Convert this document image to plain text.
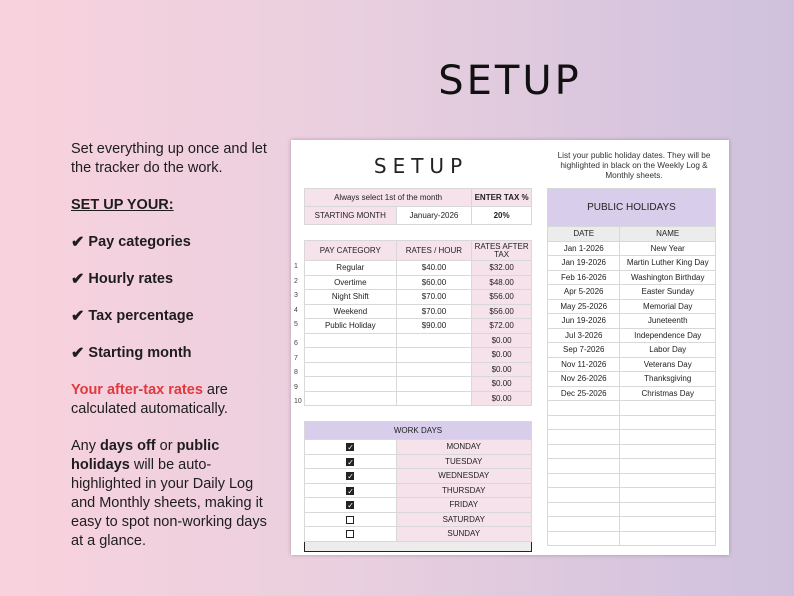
SETUP

Set everything up once and let the tracker do the work.

SET UP YOUR:

✔ Pay categories
✔ Hourly rates
✔ Tax percentage
✔ Starting month

Your after-tax rates are calculated automatically.

Any days off or public holidays will be auto-highlighted in your Daily Log and Monthly sheets, making it easy to spot non-working days at a glance.

SETUP	List your public holiday dates. They will be highlighted in black on the Weekly Log & Monthly sheets.
Always select 1st of the month		ENTER TAX %
STARTING MONTH	January-2026	20%
PAY CATEGORY	RATES / HOUR	RATES AFTER TAX

1 Regular	$40.00	$32.00

2 Overtime	$60.00	$48.00

3 Night Shift	$70.00	$56.00

4 Weekend	$70.00	$56.00

5 Public Holiday	$90.00	$72.00

6		$0.00

7		$0.00

8		$0.00

9		$0.00

10		$0.00
WORK DAYS	
✓	MONDAY
✓	TUESDAY
✓	WEDNESDAY
✓	THURSDAY
✓	FRIDAY
	SATURDAY
	SUNDAY

PUBLIC HOLIDAYS	
DATE	NAME
Jan 1-2026	New Year
Jan 19-2026	Martin Luther King Day
Feb 16-2026	Washington Birthday
Apr 5-2026	Easter Sunday
May 25-2026	Memorial Day
Jun 19-2026	Juneteenth
Jul 3-2026	Independence Day
Sep 7-2026	Labor Day
Nov 11-2026	Veterans Day
Nov 26-2026	Thanksgiving
Dec 25-2026	Christmas Day
